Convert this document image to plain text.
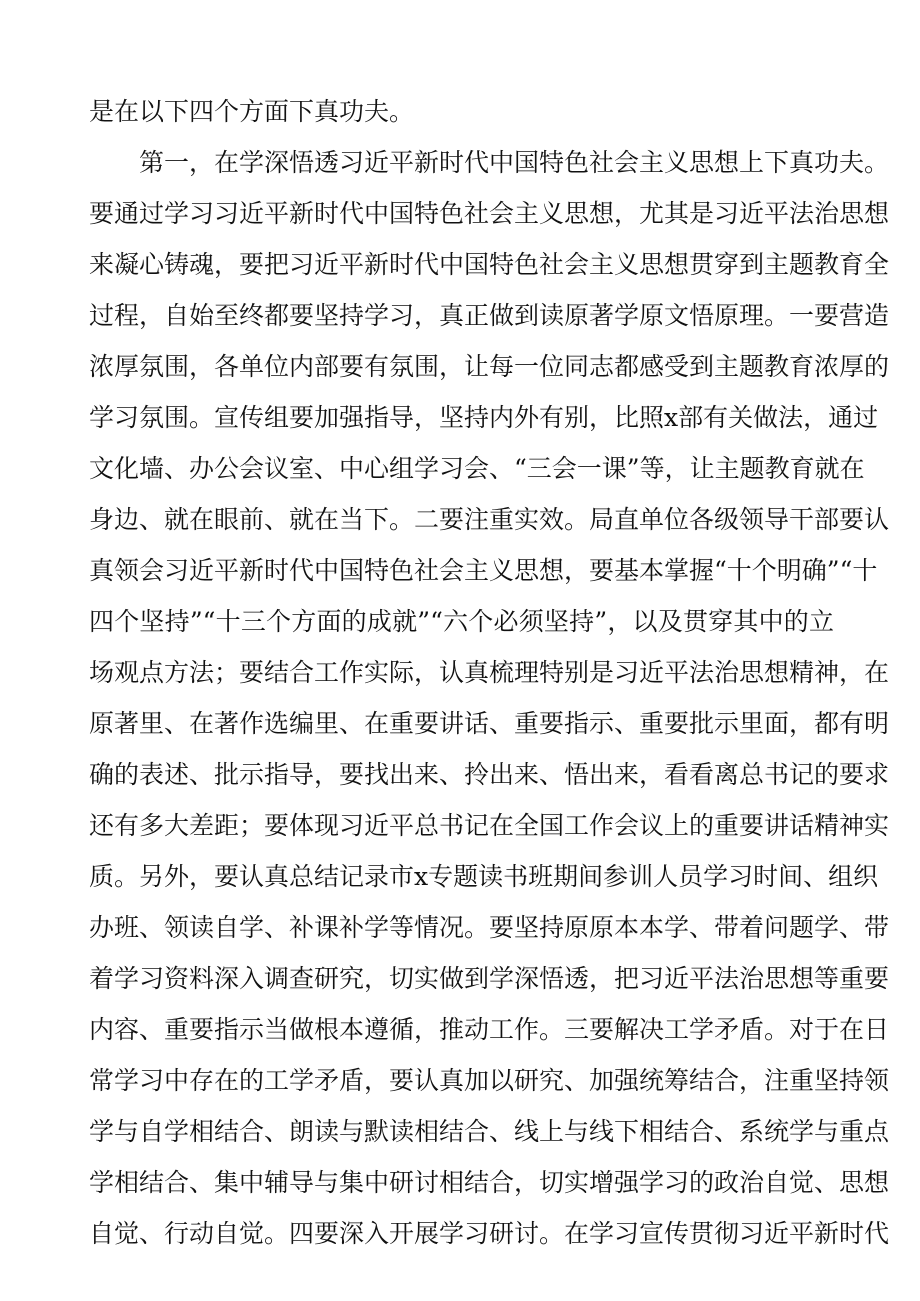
是在以下四个方面下真功夫。
第一，在学深悟透习近平新时代中国特色社会主义思想上下真功夫。
要通过学习习近平新时代中国特色社会主义思想，尤其是习近平法治思想
来凝心铸魂，要把习近平新时代中国特色社会主义思想贯穿到主题教育全
过程，自始至终都要坚持学习，真正做到读原著学原文悟原理。一要营造
浓厚氛围，各单位内部要有氛围，让每一位同志都感受到主题教育浓厚的
学习氛围。宣传组要加强指导，坚持内外有别，比照x部有关做法，通过
文化墙、办公会议室、中心组学习会、“三会一课”等，让主题教育就在
身边、就在眼前、就在当下。二要注重实效。局直单位各级领导干部要认
真领会习近平新时代中国特色社会主义思想，要基本掌握“十个明确”“十
四个坚持”“十三个方面的成就”“六个必须坚持”，以及贯穿其中的立
场观点方法；要结合工作实际，认真梳理特别是习近平法治思想精神，在
原著里、在著作选编里、在重要讲话、重要指示、重要批示里面，都有明
确的表述、批示指导，要找出来、拎出来、悟出来，看看离总书记的要求
还有多大差距；要体现习近平总书记在全国工作会议上的重要讲话精神实
质。另外，要认真总结记录市x专题读书班期间参训人员学习时间、组织
办班、领读自学、补课补学等情况。要坚持原原本本学、带着问题学、带
着学习资料深入调查研究，切实做到学深悟透，把习近平法治思想等重要
内容、重要指示当做根本遵循，推动工作。三要解决工学矛盾。对于在日
常学习中存在的工学矛盾，要认真加以研究、加强统筹结合，注重坚持领
学与自学相结合、朗读与默读相结合、线上与线下相结合、系统学与重点
学相结合、集中辅导与集中研讨相结合，切实增强学习的政治自觉、思想
自觉、行动自觉。四要深入开展学习研讨。在学习宣传贯彻习近平新时代
